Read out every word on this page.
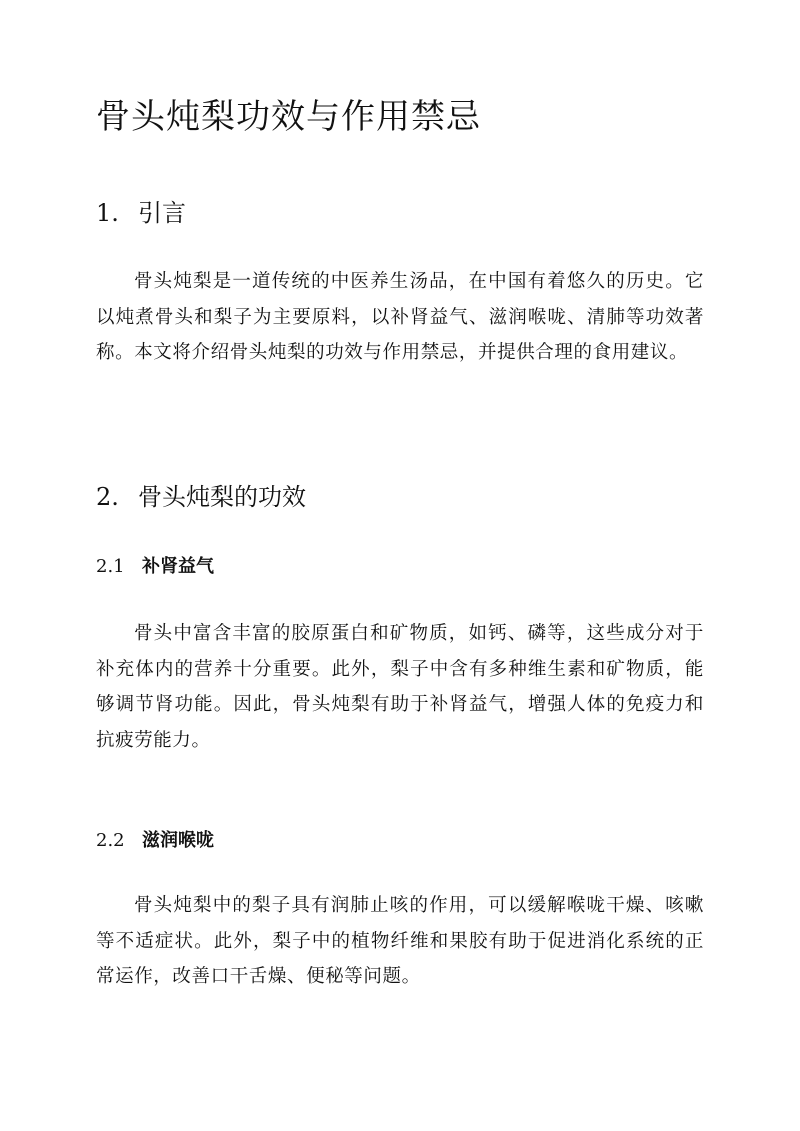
骨头炖梨功效与作用禁忌
1. 引言

骨头炖梨是一道传统的中医养生汤品，在中国有着悠久的历史。它以炖煮骨头和梨子为主要原料，以补肾益气、滋润喉咙、清肺等功效著称。本文将介绍骨头炖梨的功效与作用禁忌，并提供合理的食用建议。

2. 骨头炖梨的功效
2.1 补肾益气

骨头中富含丰富的胶原蛋白和矿物质，如钙、磷等，这些成分对于补充体内的营养十分重要。此外，梨子中含有多种维生素和矿物质，能够调节肾功能。因此，骨头炖梨有助于补肾益气，增强人体的免疫力和抗疲劳能力。

2.2 滋润喉咙

骨头炖梨中的梨子具有润肺止咳的作用，可以缓解喉咙干燥、咳嗽等不适症状。此外，梨子中的植物纤维和果胶有助于促进消化系统的正常运作，改善口干舌燥、便秘等问题。
